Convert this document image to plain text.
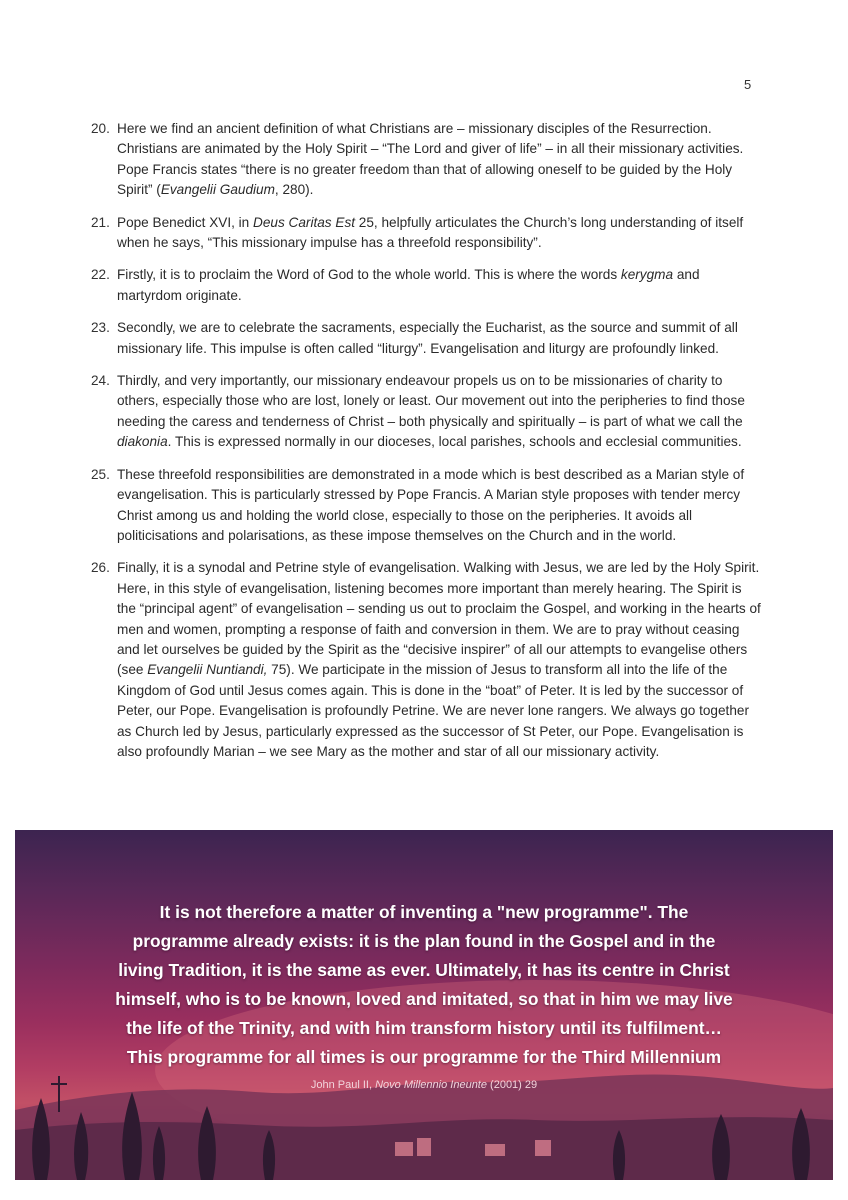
5
20. Here we find an ancient definition of what Christians are – missionary disciples of the Resurrection. Christians are animated by the Holy Spirit – “The Lord and giver of life” – in all their missionary activities. Pope Francis states “there is no greater freedom than that of allowing oneself to be guided by the Holy Spirit” (Evangelii Gaudium, 280).
21. Pope Benedict XVI, in Deus Caritas Est 25, helpfully articulates the Church’s long understanding of itself when he says, “This missionary impulse has a threefold responsibility”.
22. Firstly, it is to proclaim the Word of God to the whole world. This is where the words kerygma and martyrdom originate.
23. Secondly, we are to celebrate the sacraments, especially the Eucharist, as the source and summit of all missionary life. This impulse is often called “liturgy”. Evangelisation and liturgy are profoundly linked.
24. Thirdly, and very importantly, our missionary endeavour propels us on to be missionaries of charity to others, especially those who are lost, lonely or least. Our movement out into the peripheries to find those needing the caress and tenderness of Christ – both physically and spiritually – is part of what we call the diakonia. This is expressed normally in our dioceses, local parishes, schools and ecclesial communities.
25. These threefold responsibilities are demonstrated in a mode which is best described as a Marian style of evangelisation. This is particularly stressed by Pope Francis. A Marian style proposes with tender mercy Christ among us and holding the world close, especially to those on the peripheries. It avoids all politicisations and polarisations, as these impose themselves on the Church and in the world.
26. Finally, it is a synodal and Petrine style of evangelisation. Walking with Jesus, we are led by the Holy Spirit. Here, in this style of evangelisation, listening becomes more important than merely hearing. The Spirit is the “principal agent” of evangelisation – sending us out to proclaim the Gospel, and working in the hearts of men and women, prompting a response of faith and conversion in them. We are to pray without ceasing and let ourselves be guided by the Spirit as the “decisive inspirer” of all our attempts to evangelise others (see Evangelii Nuntiandi, 75). We participate in the mission of Jesus to transform all into the life of the Kingdom of God until Jesus comes again. This is done in the “boat” of Peter. It is led by the successor of Peter, our Pope. Evangelisation is profoundly Petrine. We are never lone rangers. We always go together as Church led by Jesus, particularly expressed as the successor of St Peter, our Pope. Evangelisation is also profoundly Marian – we see Mary as the mother and star of all our missionary activity.
It is not therefore a matter of inventing a "new programme". The
programme already exists: it is the plan found in the Gospel and in the
living Tradition, it is the same as ever. Ultimately, it has its centre in Christ
himself, who is to be known, loved and imitated, so that in him we may live
the life of the Trinity, and with him transform history until its fulfilment…
This programme for all times is our programme for the Third Millennium
John Paul II, Novo Millennio Ineunte (2001) 29
